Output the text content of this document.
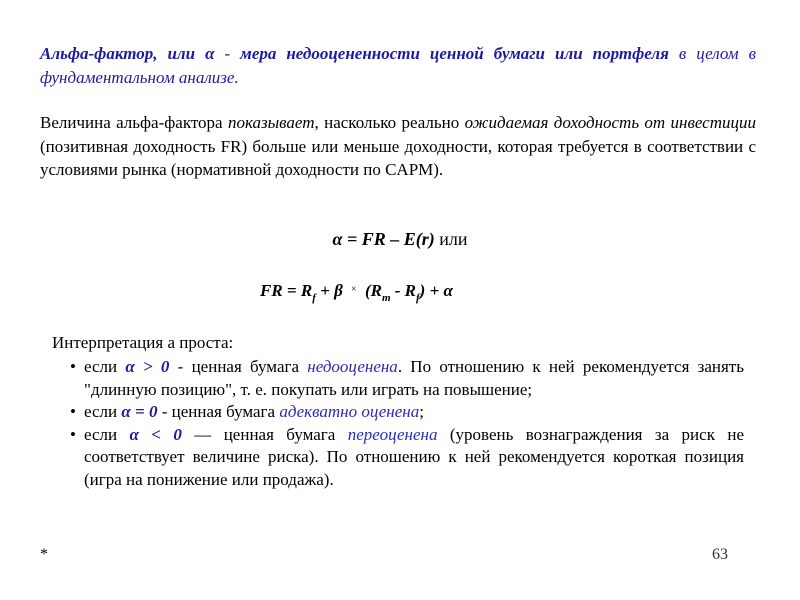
Альфа-фактор, или α - мера недооцененности ценной бумаги или портфеля в целом в фундаментальном анализе.
Величина альфа-фактора показывает, насколько реально ожидаемая доходность от инвестиции (позитивная доходность FR) больше или меньше доходности, которая требуется в соответствии с условиями рынка (нормативной доходности по CAPM).
α = FR – E(r) или
FR = $R_f + \beta$ × $(R_m - R_f) + \alpha$
Интерпретация а проста:
• если α > 0 - ценная бумага недооценена. По отношению к ней рекомендуется занять "длинную позицию", т. е. покупать или играть на повышение;
• если α = 0 - ценная бумага адекватно оценена;
• если α < 0 — ценная бумага переоценена (уровень вознаграждения за риск не соответствует величине риска). По отношению к ней рекомендуется короткая позиция (игра на понижение или продажа).
*	63
